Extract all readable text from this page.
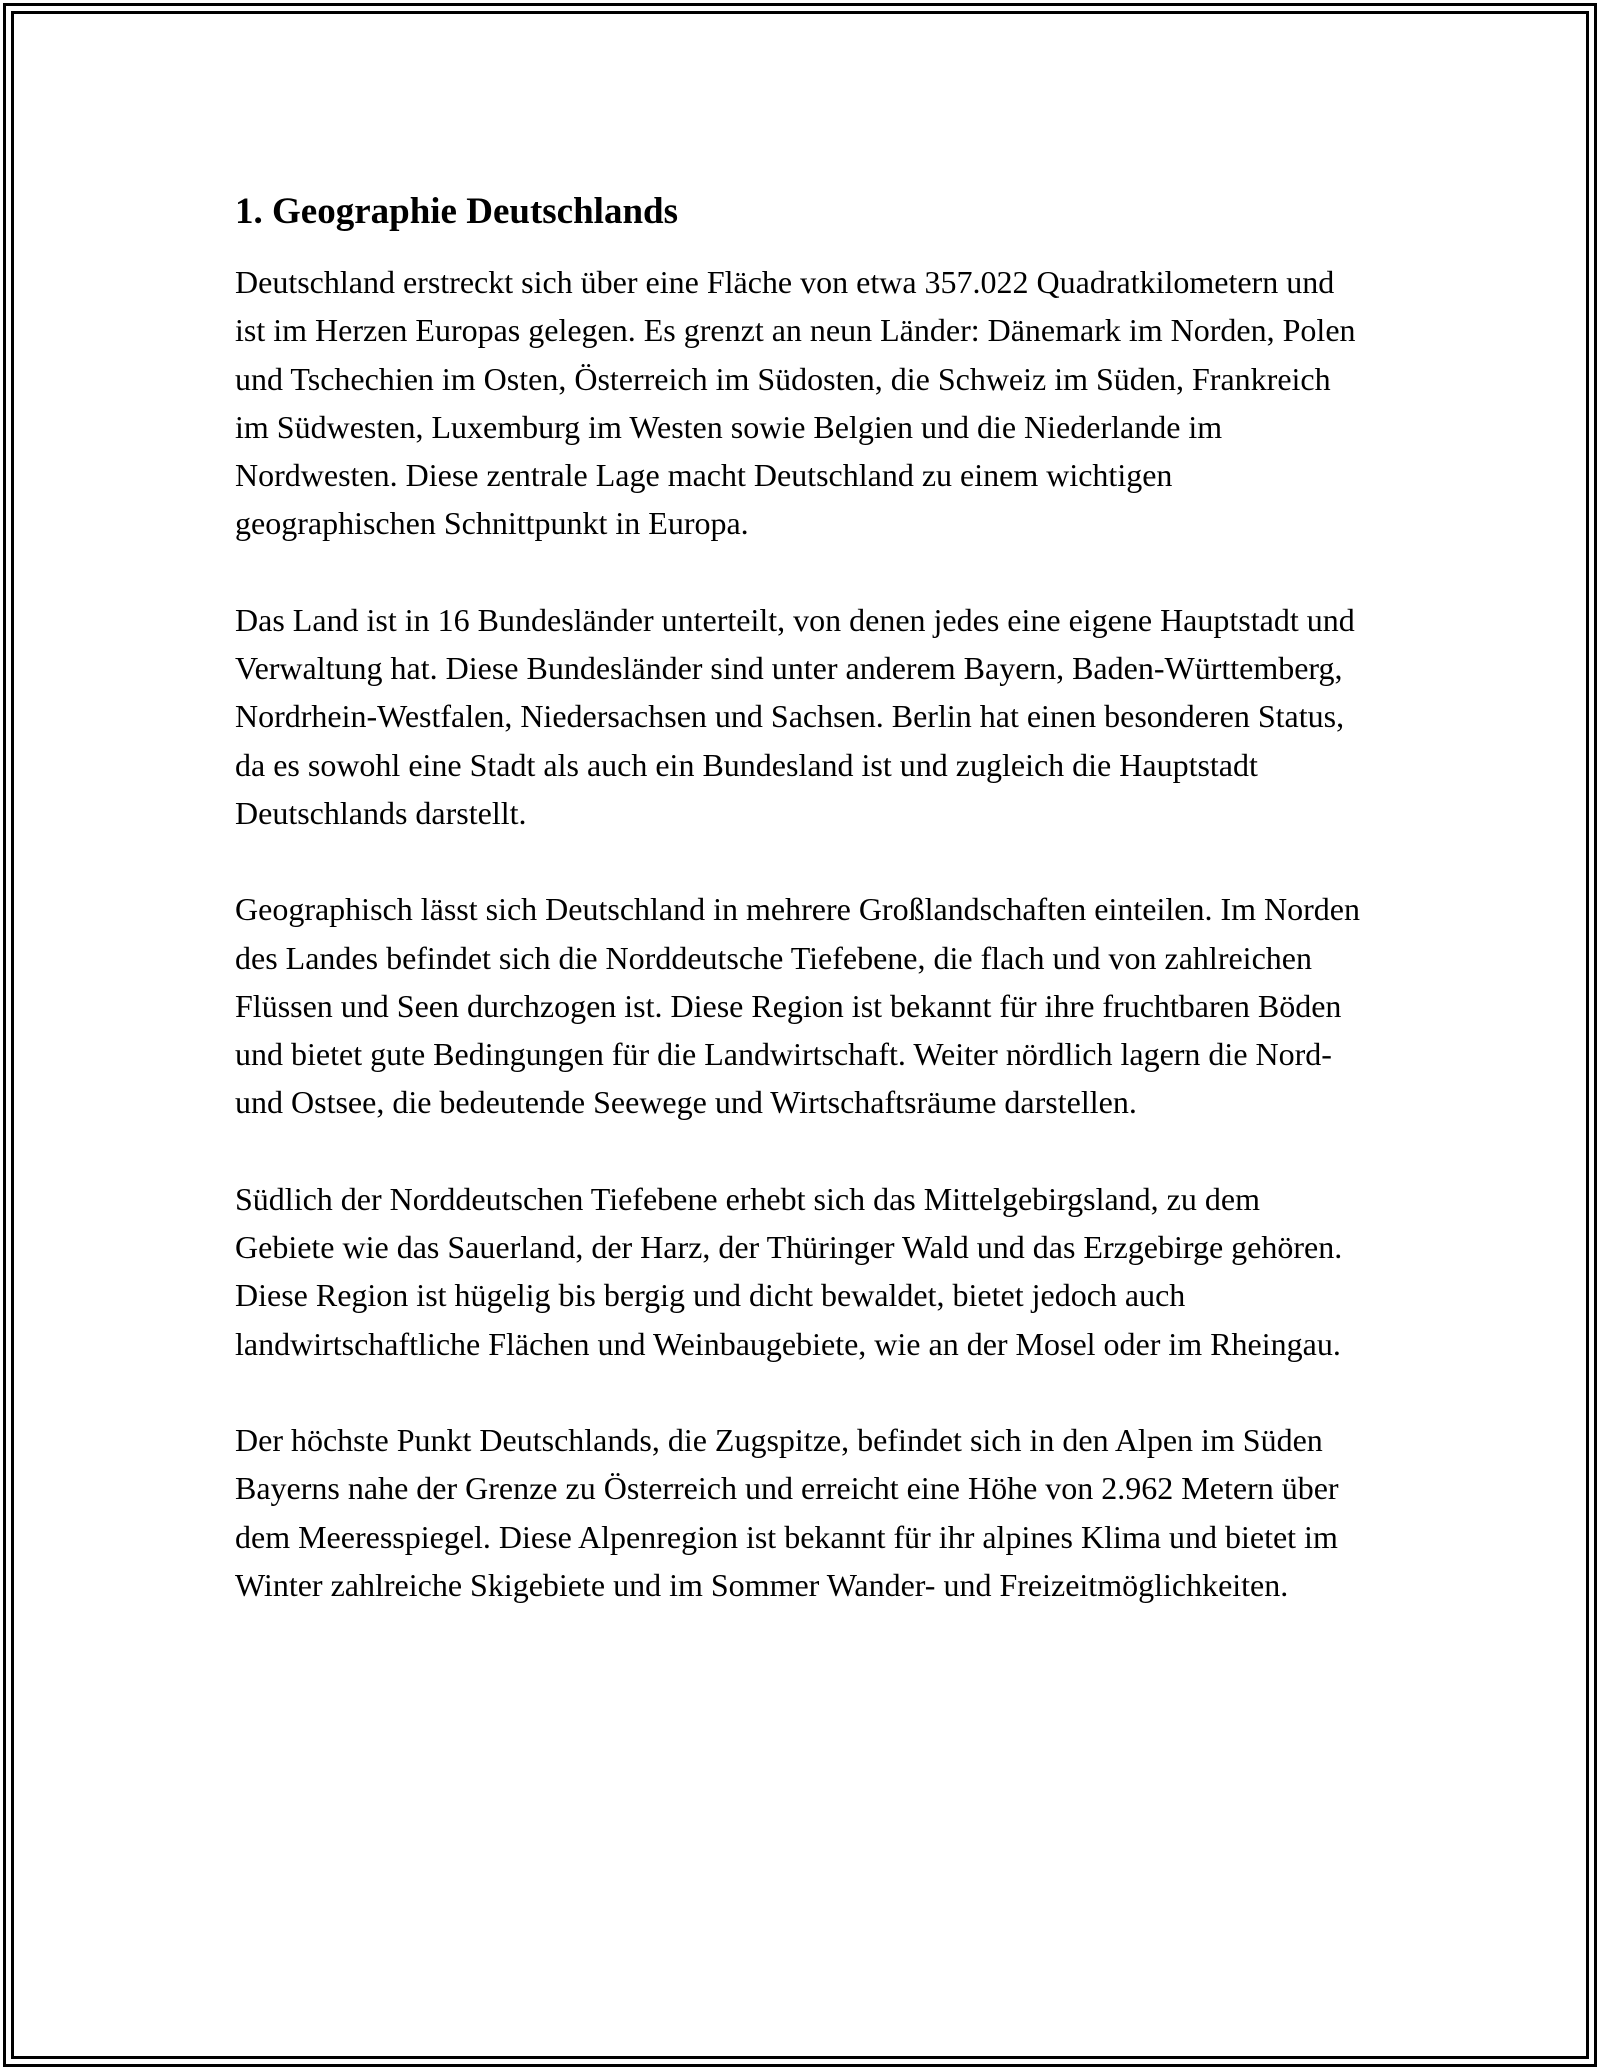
1. Geographie Deutschlands

Deutschland erstreckt sich über eine Fläche von etwa 357.022 Quadratkilometern und ist im Herzen Europas gelegen. Es grenzt an neun Länder: Dänemark im Norden, Polen und Tschechien im Osten, Österreich im Südosten, die Schweiz im Süden, Frankreich im Südwesten, Luxemburg im Westen sowie Belgien und die Niederlande im Nordwesten. Diese zentrale Lage macht Deutschland zu einem wichtigen geographischen Schnittpunkt in Europa.

Das Land ist in 16 Bundesländer unterteilt, von denen jedes eine eigene Hauptstadt und Verwaltung hat. Diese Bundesländer sind unter anderem Bayern, Baden-Württemberg, Nordrhein-Westfalen, Niedersachsen und Sachsen. Berlin hat einen besonderen Status, da es sowohl eine Stadt als auch ein Bundesland ist und zugleich die Hauptstadt Deutschlands darstellt.

Geographisch lässt sich Deutschland in mehrere Großlandschaften einteilen. Im Norden des Landes befindet sich die Norddeutsche Tiefebene, die flach und von zahlreichen Flüssen und Seen durchzogen ist. Diese Region ist bekannt für ihre fruchtbaren Böden und bietet gute Bedingungen für die Landwirtschaft. Weiter nördlich lagern die Nord- und Ostsee, die bedeutende Seewege und Wirtschaftsräume darstellen.

Südlich der Norddeutschen Tiefebene erhebt sich das Mittelgebirgsland, zu dem Gebiete wie das Sauerland, der Harz, der Thüringer Wald und das Erzgebirge gehören. Diese Region ist hügelig bis bergig und dicht bewaldet, bietet jedoch auch landwirtschaftliche Flächen und Weinbaugebiete, wie an der Mosel oder im Rheingau.

Der höchste Punkt Deutschlands, die Zugspitze, befindet sich in den Alpen im Süden Bayerns nahe der Grenze zu Österreich und erreicht eine Höhe von 2.962 Metern über dem Meeresspiegel. Diese Alpenregion ist bekannt für ihr alpines Klima und bietet im Winter zahlreiche Skigebiete und im Sommer Wander- und Freizeitmöglichkeiten.
